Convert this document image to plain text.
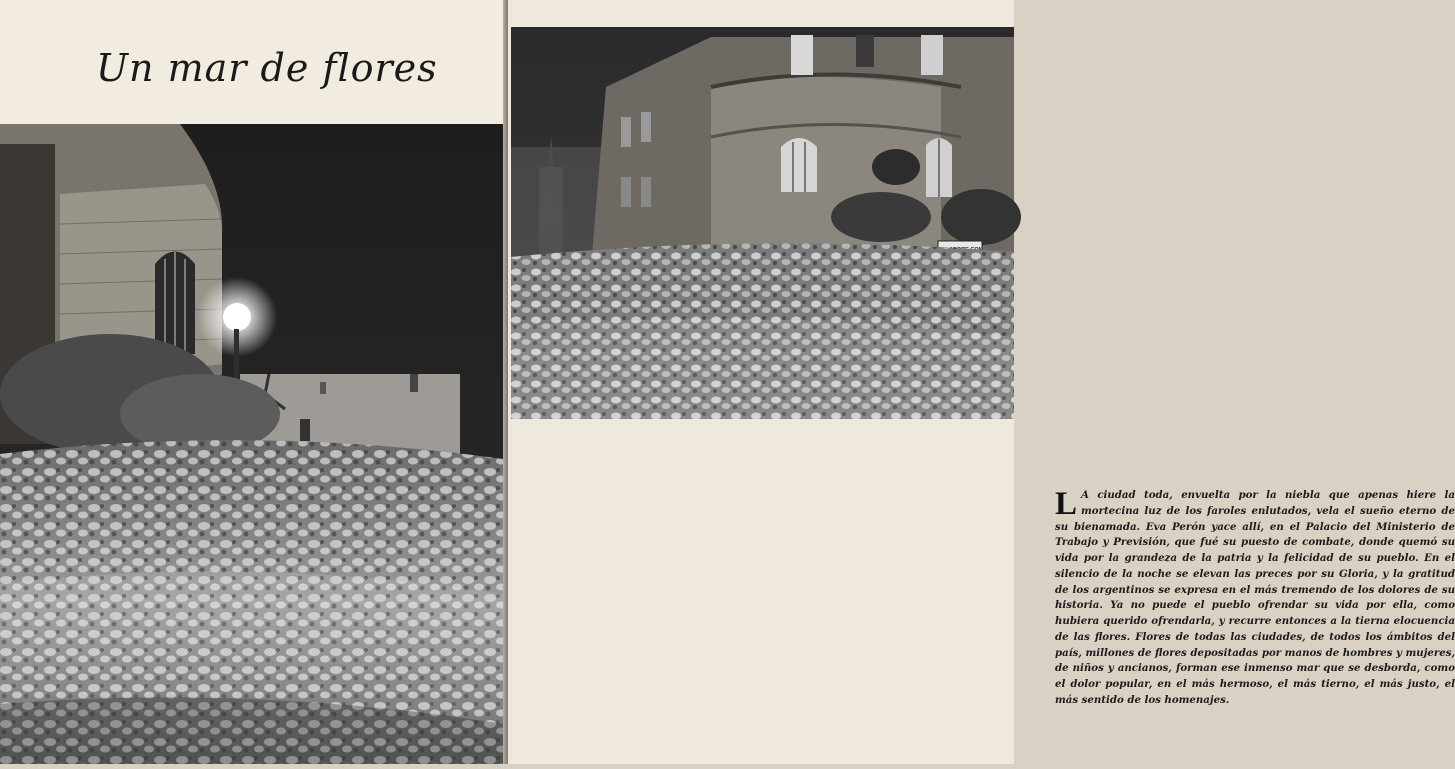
Un mar de flores
L A ciudad toda, envuelta por la niebla que apenas hiere la mortecina luz de los faroles enlutados, vela el sueño eterno de su bienamada. Eva Perón yace allí, en el Palacio del Ministerio de Trabajo y Previsión, que fué su puesto de combate, donde quemó su vida por la grandeza de la patria y la felicidad de su pueblo. En el silencio de la noche se elevan las preces por su Gloria, y la gratitud de los argentinos se expresa en el más tremendo de los dolores de su historia. Ya no puede el pueblo ofrendar su vida por ella, como hubiera querido ofrendarla, y recurre entonces a la tierna elocuencia de las flores. Flores de todas las ciudades, de todos los ámbitos del país, millones de flores depositadas por manos de hombres y mujeres, de niños y ancianos, forman ese inmenso mar que se desborda, como el dolor popular, en el más hermoso, el más tierno, el más justo, el más sentido de los homenajes.
